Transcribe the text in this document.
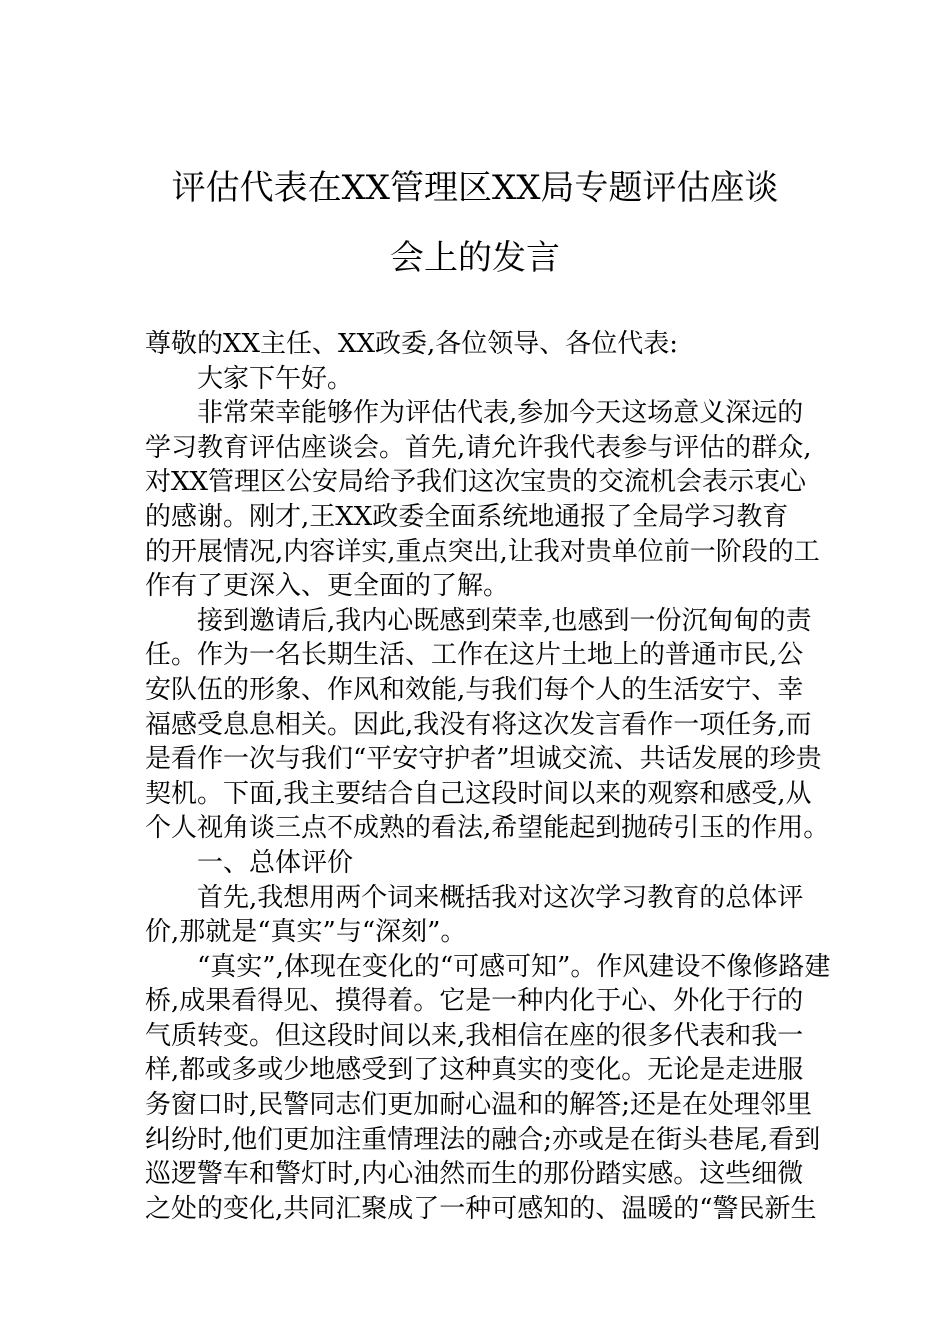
评估代表在XX管理区XX局专题评估座谈
会上的发言
尊敬的XX主任、XX政委,各位领导、各位代表:
大家下午好。
非常荣幸能够作为评估代表,参加今天这场意义深远的
学习教育评估座谈会。首先,请允许我代表参与评估的群众,
对XX管理区公安局给予我们这次宝贵的交流机会表示衷心
的感谢。刚才,王XX政委全面系统地通报了全局学习教育
的开展情况,内容详实,重点突出,让我对贵单位前一阶段的工
作有了更深入、更全面的了解。
接到邀请后,我内心既感到荣幸,也感到一份沉甸甸的责
任。作为一名长期生活、工作在这片土地上的普通市民,公
安队伍的形象、作风和效能,与我们每个人的生活安宁、幸
福感受息息相关。因此,我没有将这次发言看作一项任务,而
是看作一次与我们“平安守护者”坦诚交流、共话发展的珍贵
契机。下面,我主要结合自己这段时间以来的观察和感受,从
个人视角谈三点不成熟的看法,希望能起到抛砖引玉的作用。
一、总体评价
首先,我想用两个词来概括我对这次学习教育的总体评
价,那就是“真实”与“深刻”。
“真实”,体现在变化的“可感可知”。作风建设不像修路建
桥,成果看得见、摸得着。它是一种内化于心、外化于行的
气质转变。但这段时间以来,我相信在座的很多代表和我一
样,都或多或少地感受到了这种真实的变化。无论是走进服
务窗口时,民警同志们更加耐心温和的解答;还是在处理邻里
纠纷时,他们更加注重情理法的融合;亦或是在街头巷尾,看到
巡逻警车和警灯时,内心油然而生的那份踏实感。这些细微
之处的变化,共同汇聚成了一种可感知的、温暖的“警民新生
